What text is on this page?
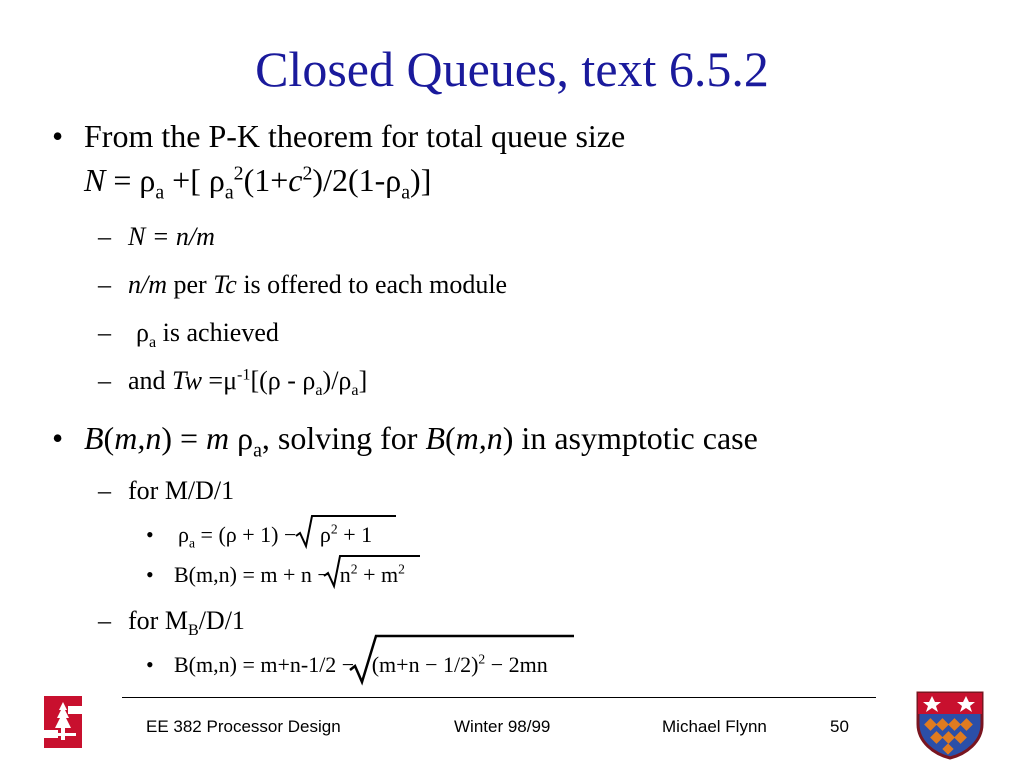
Closed Queues, text 6.5.2
• From the P-K theorem for total queue size
$N = \rho_a$ +[ $\rho_a^2(1+c^2)/2(1-\rho_a)$]
– N = n/m
– n/m per Tc is offered to each module
– $\rho_a$ is achieved
– and $Tw =\mu^{-1}[(\rho - \rho_a)/\rho_a]$
• B(m,n) = m $\rho_a$, solving for B(m,n) in asymptotic case
– for M/D/1
• $\rho_a = (\rho + 1)$ −
$\rho^2 + 1$
• $B(m,n) = m + n - n^2 + m^2$
– for $M_B/D/1$
• B(m,n) = m+n-1/2 −
$(m+n - 1/2)^2 - 2mn$
EE 382 Processor Design	Winter 98/99	Michael Flynn	50
